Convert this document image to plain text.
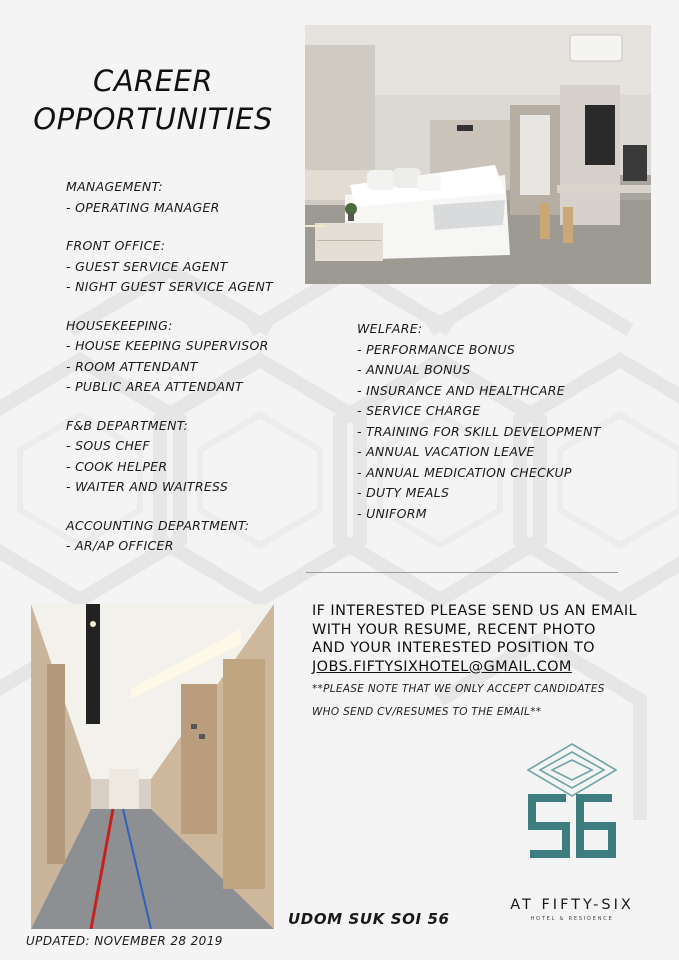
CAREER
OPPORTUNITIES
MANAGEMENT:
- OPERATING MANAGER
FRONT OFFICE:
- GUEST SERVICE AGENT
- NIGHT GUEST SERVICE AGENT
HOUSEKEEPING:
- HOUSE KEEPING SUPERVISOR
- ROOM ATTENDANT
- PUBLIC AREA ATTENDANT
F&B DEPARTMENT:
- SOUS CHEF
- COOK HELPER
- WAITER AND WAITRESS
ACCOUNTING DEPARTMENT:
- AR/AP OFFICER
WELFARE:
- PERFORMANCE BONUS
- ANNUAL BONUS
- INSURANCE AND HEALTHCARE
- SERVICE CHARGE
- TRAINING FOR SKILL DEVELOPMENT
- ANNUAL VACATION LEAVE
- ANNUAL MEDICATION CHECKUP
- DUTY MEALS
- UNIFORM
IF INTERESTED PLEASE SEND US AN EMAIL
WITH YOUR RESUME, RECENT PHOTO
AND YOUR INTERESTED POSITION TO
JOBS.FIFTYSIXHOTEL@GMAIL.COM
**PLEASE NOTE THAT WE ONLY ACCEPT CANDIDATES
WHO SEND CV/RESUMES TO THE EMAIL**
AT FIFTY-SIX
HOTEL & RESIDENCE
UDOM SUK SOI 56
UPDATED: NOVEMBER 28 2019
